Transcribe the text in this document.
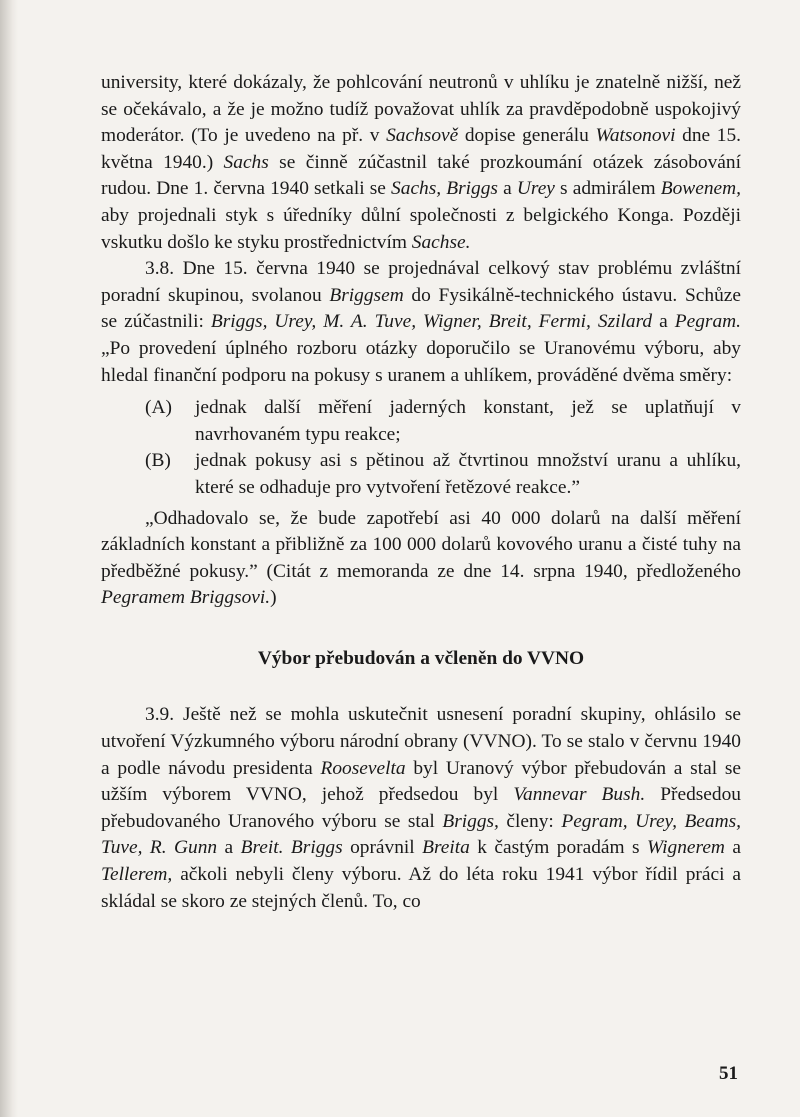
university, které dokázaly, že pohlcování neutronů v uhlíku je znatelně nižší, než se očekávalo, a že je možno tudíž považovat uhlík za pravděpodobně uspokojivý moderátor. (To je uvedeno na př. v Sachsově dopise generálu Watsonovi dne 15. května 1940.) Sachs se činně zúčastnil také prozkoumání otázek zásobování rudou. Dne 1. června 1940 setkali se Sachs, Briggs a Urey s admirálem Bowenem, aby projednali styk s úředníky důlní společnosti z belgického Konga. Později vskutku došlo ke styku prostřednictvím Sachse.

3.8. Dne 15. června 1940 se projednával celkový stav problému zvláštní poradní skupinou, svolanou Briggsem do Fysikálně-technického ústavu. Schůze se zúčastnili: Briggs, Urey, M. A. Tuve, Wigner, Breit, Fermi, Szilard a Pegram. „Po provedení úplného rozboru otázky doporučilo se Uranovému výboru, aby hledal finanční podporu na pokusy s uranem a uhlíkem, prováděné dvěma směry:

(A)	jednak další měření jaderných konstant, jež se uplatňují v navrhovaném typu reakce;
(B)	jednak pokusy asi s pětinou až čtvrtinou množství uranu a uhlíku, které se odhaduje pro vytvoření řetězové reakce.”

„Odhadovalo se, že bude zapotřebí asi 40 000 dolarů na další měření základních konstant a přibližně za 100 000 dolarů kovového uranu a čisté tuhy na předběžné pokusy.” (Citát z memoranda ze dne 14. srpna 1940, předloženého Pegramem Briggsovi.)

Výbor přebudován a včleněn do VVNO

3.9. Ještě než se mohla uskutečnit usnesení poradní skupiny, ohlásilo se utvoření Výzkumného výboru národní obrany (VVNO). To se stalo v červnu 1940 a podle návodu presidenta Roosevelta byl Uranový výbor přebudován a stal se užším výborem VVNO, jehož předsedou byl Vannevar Bush. Předsedou přebudovaného Uranového výboru se stal Briggs, členy: Pegram, Urey, Beams, Tuve, R. Gunn a Breit. Briggs oprávnil Breita k častým poradám s Wignerem a Tellerem, ačkoli nebyli členy výboru. Až do léta roku 1941 výbor řídil práci a skládal se skoro ze stejných členů. To, co

51
